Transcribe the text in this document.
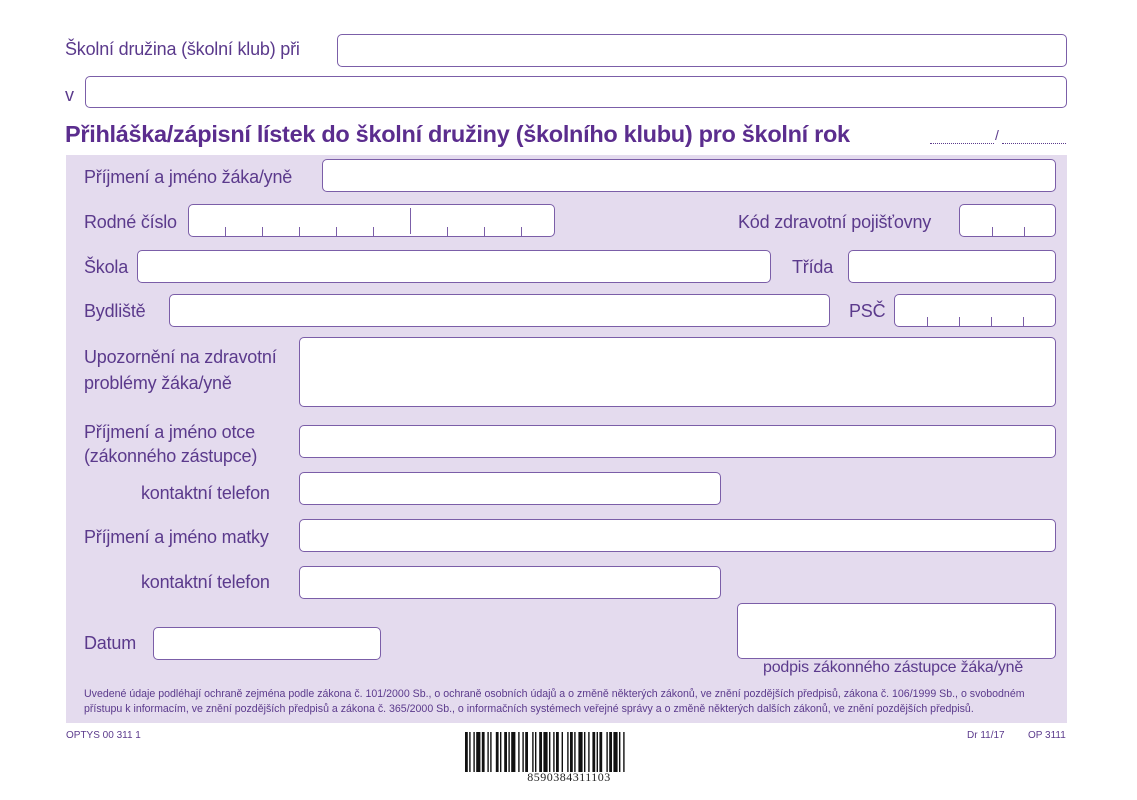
Školní družina (školní klub) při
v
Přihláška/zápisní lístek do školní družiny (školního klubu) pro školní rok	/
Příjmení a jméno žáka/yně
Rodné číslo	Kód zdravotní pojišťovny
Škola	Třída
Bydliště	PSČ
Upozornění na zdravotní
problémy žáka/yně
Příjmení a jméno otce
(zákonného zástupce)
kontaktní telefon
Příjmení a jméno matky
kontaktní telefon
Datum
podpis zákonného zástupce žáka/yně
Uvedené údaje podléhají ochraně zejména podle zákona č. 101/2000 Sb., o ochraně osobních údajů a o změně některých zákonů, ve znění pozdějších předpisů, zákona č. 106/1999 Sb., o svobodném přístupu k informacím, ve znění pozdějších předpisů a zákona č. 365/2000 Sb., o informačních systémech veřejné správy a o změně některých dalších zákonů, ve znění pozdějších předpisů.
OPTYS 00 311 1	Dr 11/17 OP 3111
8590384311103
